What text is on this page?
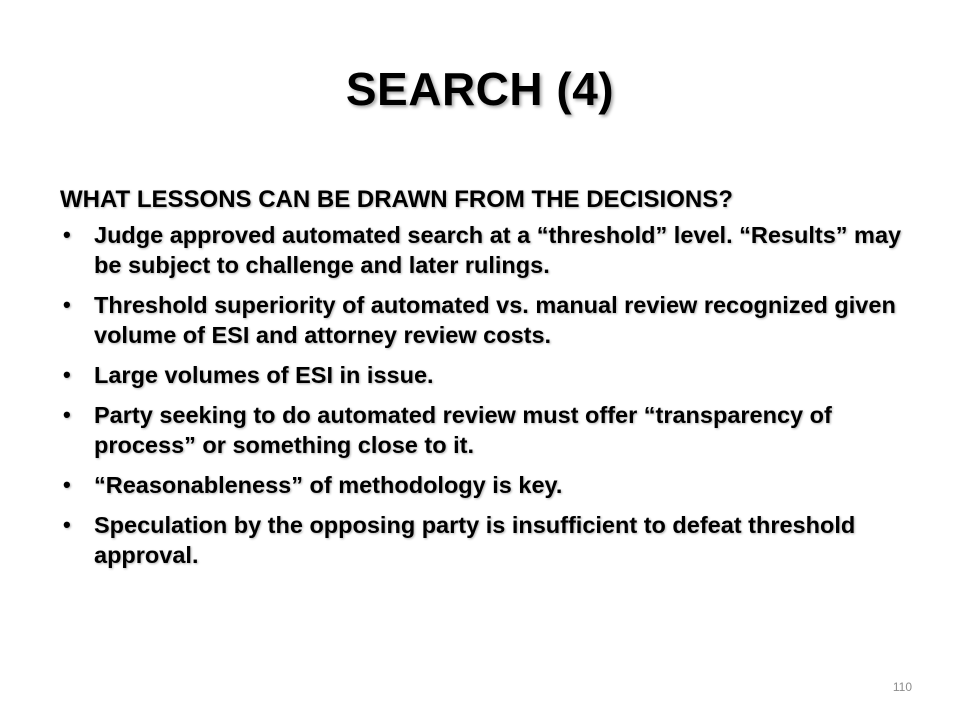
SEARCH (4)
WHAT LESSONS CAN BE DRAWN FROM THE DECISIONS?
• Judge approved automated search at a “threshold” level. “Results” may be subject to challenge and later rulings.
• Threshold superiority of automated vs. manual review recognized given volume of ESI and attorney review costs.
• Large volumes of ESI in issue.
• Party seeking to do automated review must offer “transparency of process” or something close to it.
• “Reasonableness” of methodology is key.
• Speculation by the opposing party is insufficient to defeat threshold approval.
110
